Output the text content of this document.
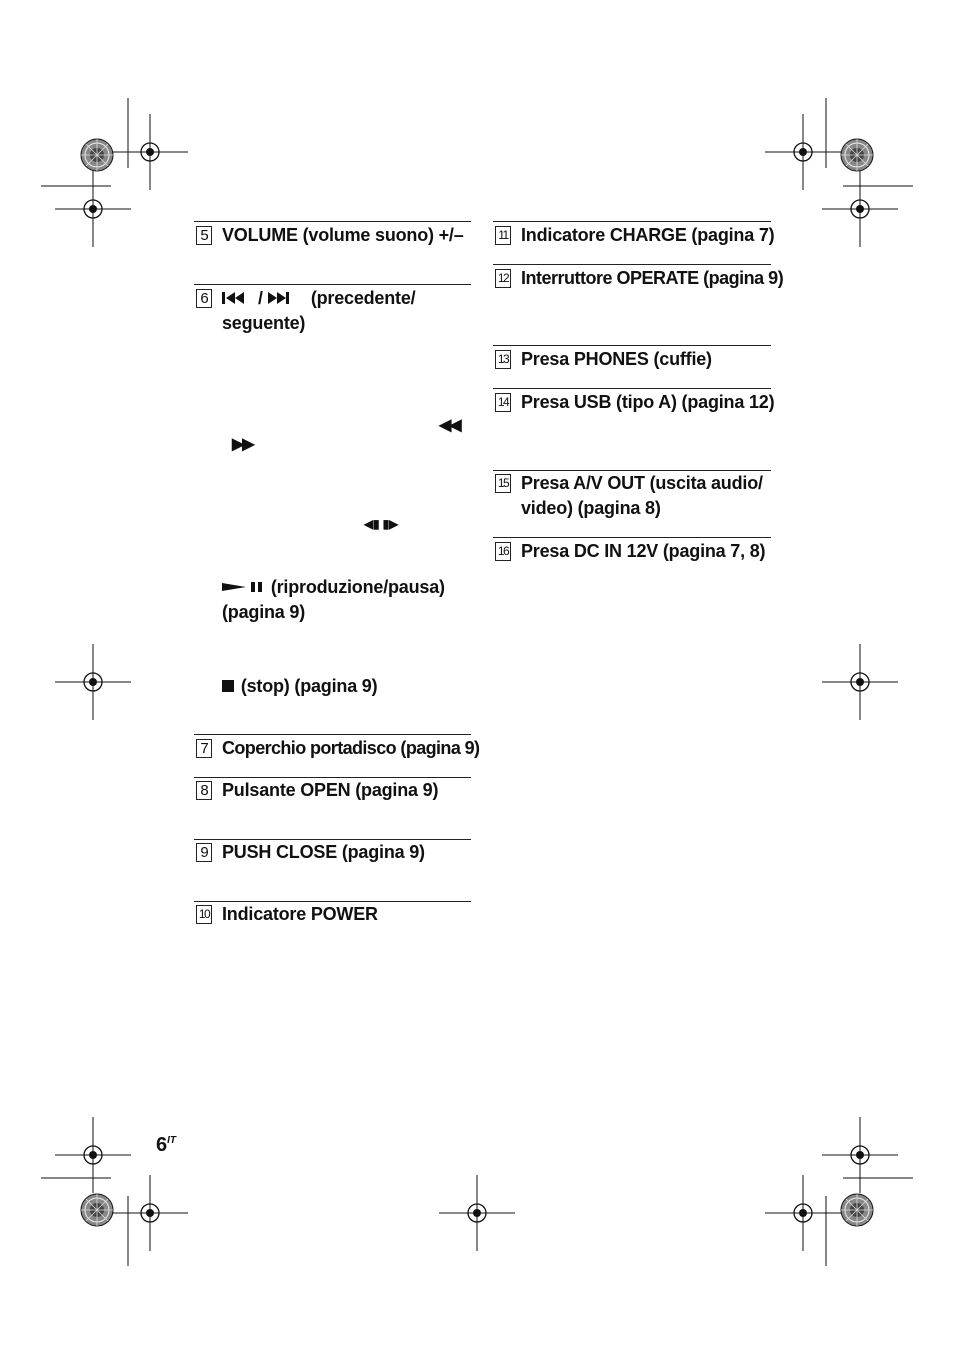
5 VOLUME (volume suono) +/–
6	/	(precedente/
seguente)
◀◀
▶▶
◀▮ ▮▶
(riproduzione/pausa)
(pagina 9)
(stop) (pagina 9)
7 Coperchio portadisco (pagina 9)
8 Pulsante OPEN (pagina 9)
9 PUSH CLOSE (pagina 9)
10 Indicatore POWER
11 Indicatore CHARGE (pagina 7)
12 Interruttore OPERATE (pagina 9)
13 Presa PHONES (cuffie)
14 Presa USB (tipo A) (pagina 12)
15 Presa A/V OUT (uscita audio/
video) (pagina 8)
16 Presa DC IN 12V (pagina 7, 8)
$6^{IT}$
